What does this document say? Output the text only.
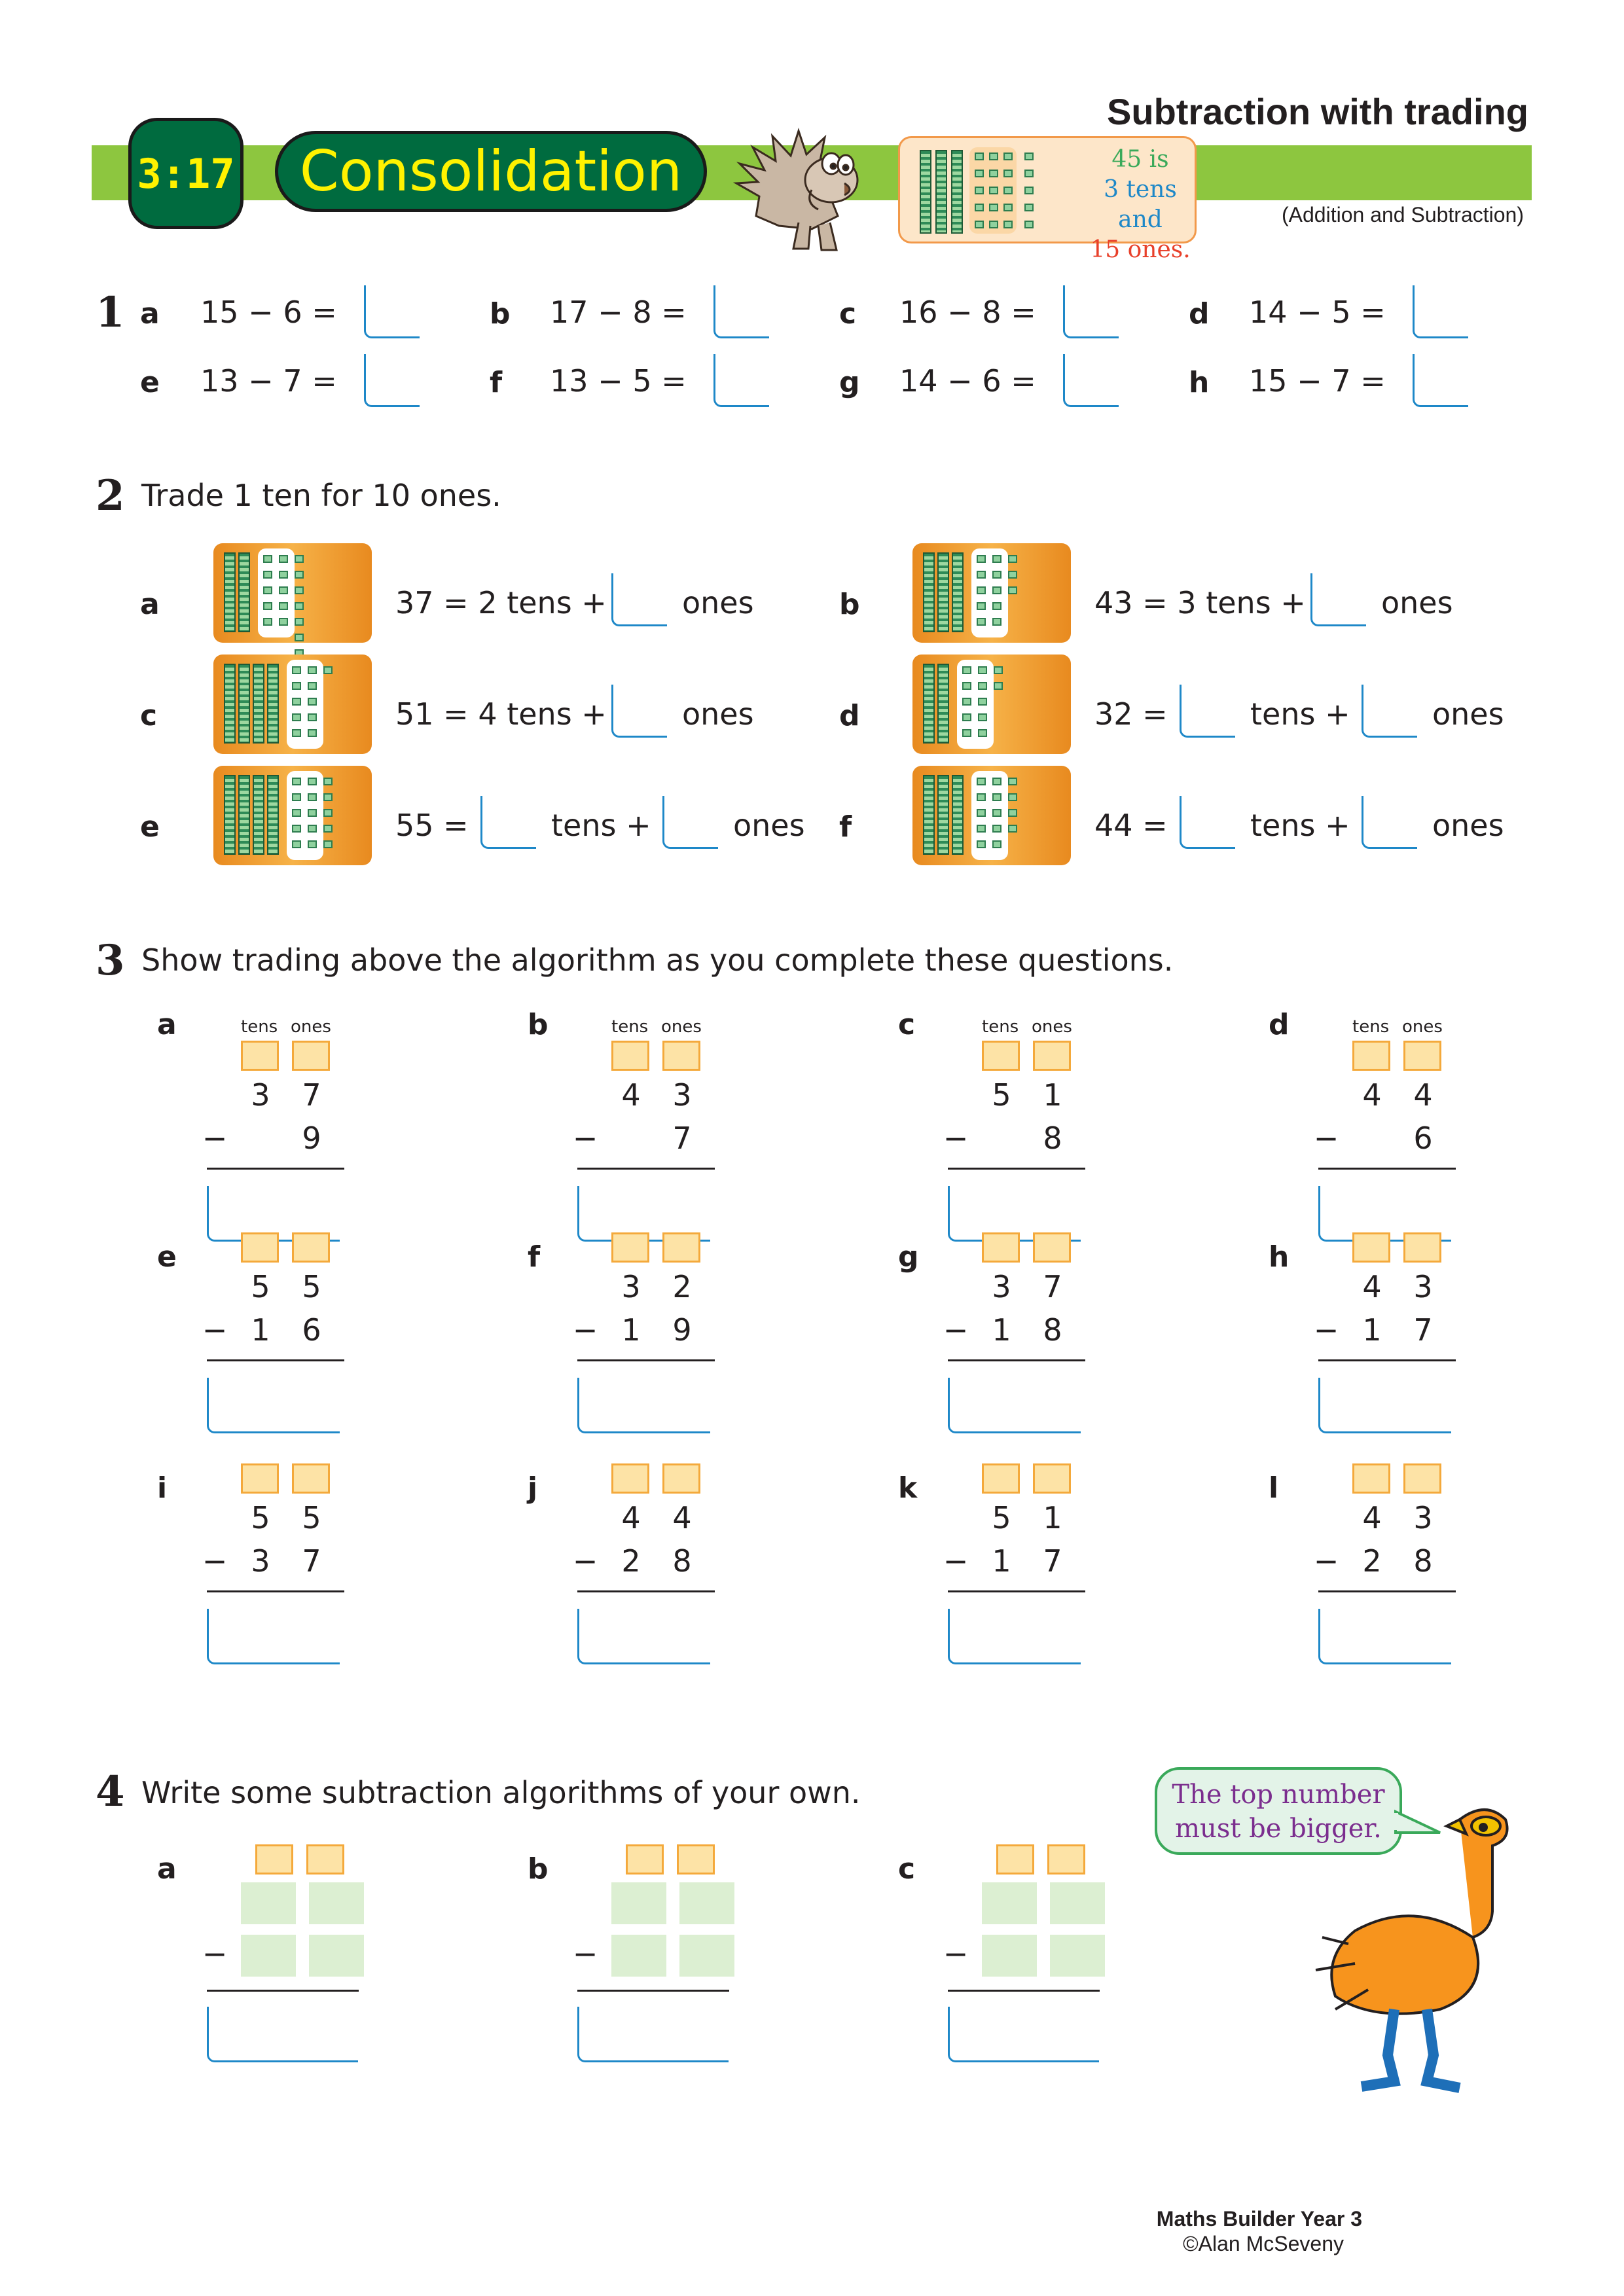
Subtraction with trading
3:17	Consolidation	45 is
3 tens and
15 ones.
(Addition and Subtraction)
1 a 15 − 6 =	b 17 − 8 =	c 16 − 8 =	d 14 − 5 =
e 13 − 7 =	f 13 − 5 =	g 14 − 6 =	h 15 − 7 =
2 Trade 1 ten for 10 ones.
a	37 = 2 tens +	ones	b	43 = 3 tens +	ones
c	51 = 4 tens +	ones	d	32 =	tens +	ones
e	55 =	tens +	ones f	44 =	tens +	ones
3 Show trading above the algorithm as you complete these questions.
a	tens ones
3	7
−	9
b	tens ones
4	3
−	7
c	tens ones
5	1
−	8
d	tens ones
4	4
−	6
e
5	5
− 1	6
f
3	2
− 1	9
g
3	7
− 1	8
h
4	3
− 1	7
i
5	5
− 3	7
j
4	4
− 2	8
k
5	1
− 1	7
l
4	3
− 2	8
4 Write some subtraction algorithms of your own.
a
−
b
−
c
−
The top number
must be bigger.
Maths Builder Year 3
©Alan McSeveny
